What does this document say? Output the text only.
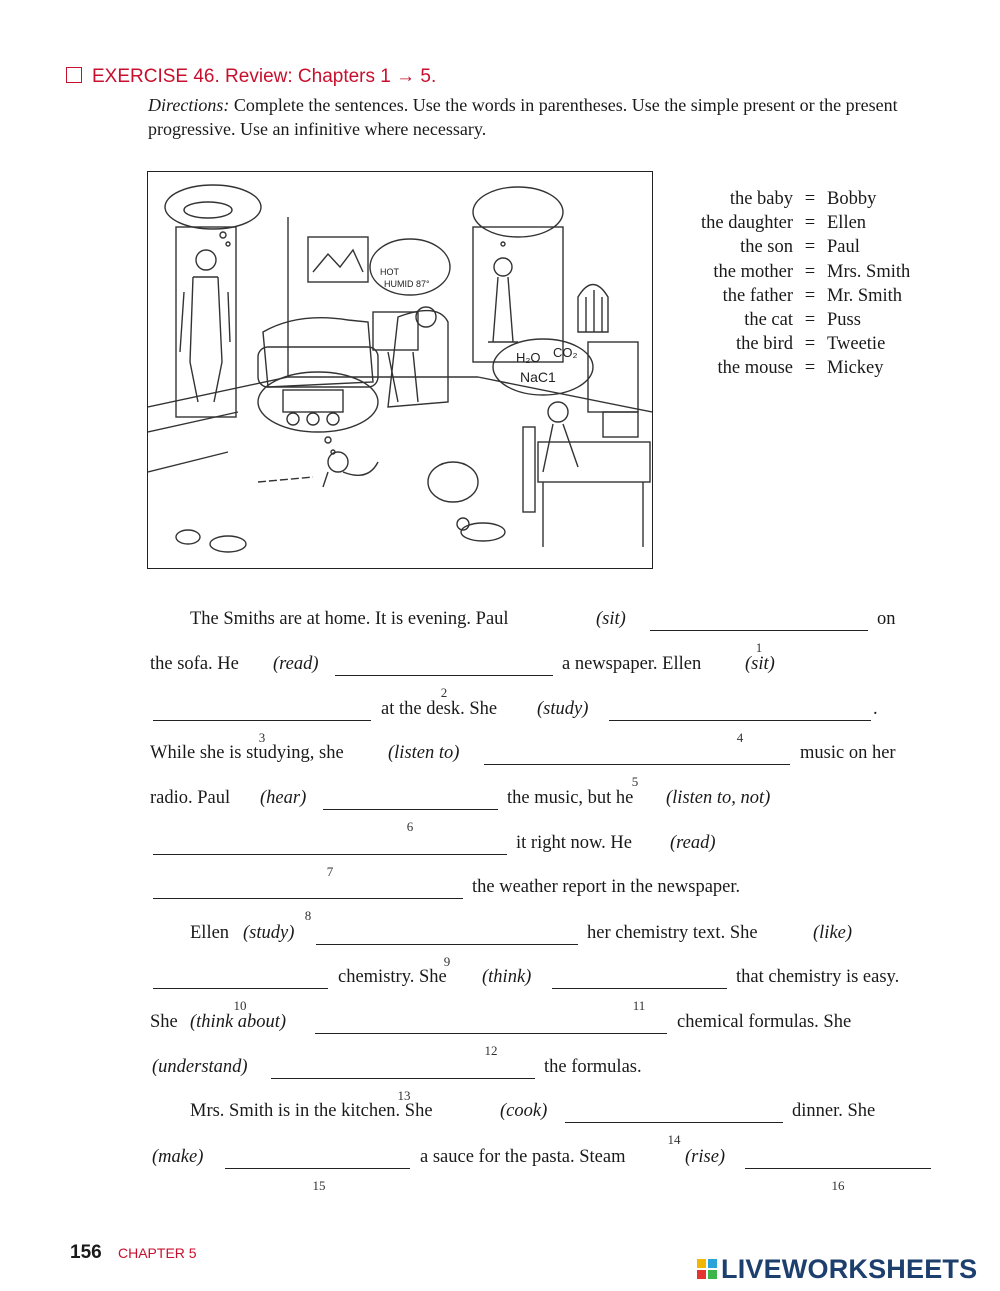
EXERCISE 46. Review: Chapters 1 → 5.
Directions: Complete the sentences. Use the words in parentheses. Use the simple present or the present progressive. Use an infinitive where necessary.
HOT
HUMID 87°
H₂O CO₂
NaC1
the baby = Bobby
the daughter = Ellen
the son = Paul
the mother = Mrs. Smith
the father = Mr. Smith
the cat = Puss
the bird = Tweetie
the mouse = Mickey
The Smiths are at home. It is evening. Paul	(sit)
1
on
the sofa. He (read)
2
a newspaper. Ellen (sit)
3
at the desk. She (study)
4
.
While she is studying, she (listen to)
5
music on her
radio. Paul (hear)
6
the music, but he (listen to, not)
7
it right now. He (read)
8
the weather report in the newspaper.
Ellen (study)
9
her chemistry text. She	(like)
10
chemistry. She (think)
11
that chemistry is easy.
She (think about)
12
chemical formulas. She
(understand)
13
the formulas.
Mrs. Smith is in the kitchen. She	(cook)
14
dinner. She
(make)
15
a sauce for the pasta. Steam	(rise)
16
156 CHAPTER 5
LIVEWORKSHEETS
